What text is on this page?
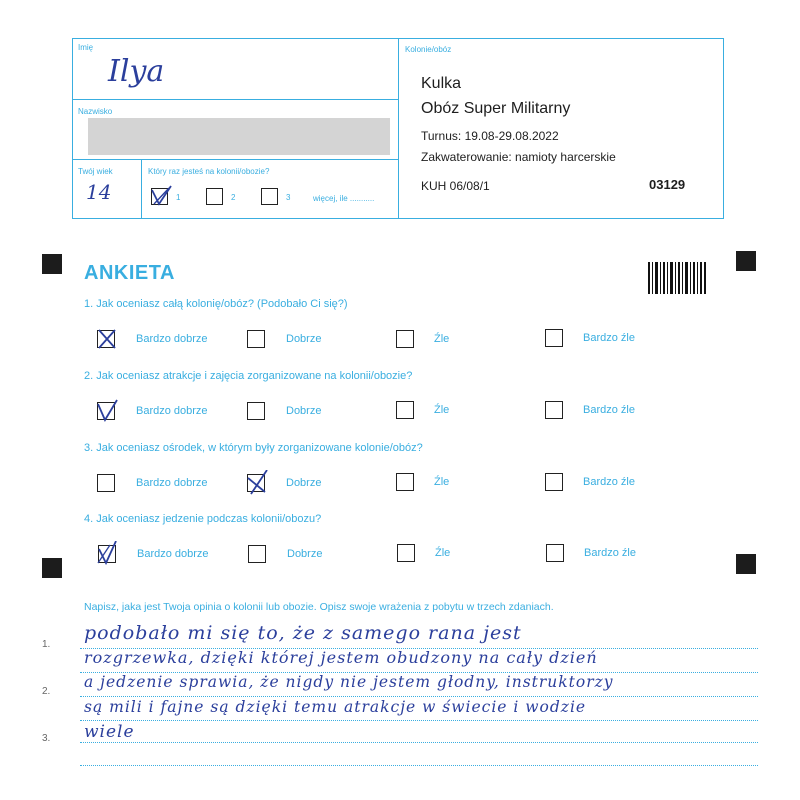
Imię
Ilya
Nazwisko
Twój wiek
14
Który raz jesteś na kolonii/obozie?
1	2	3	więcej, ile ...........
Kolonie/obóz
Kulka
Obóz Super Militarny
Turnus: 19.08-29.08.2022
Zakwaterowanie: namioty harcerskie
KUH 06/08/1	03129
ANKIETA
1. Jak oceniasz całą kolonię/obóz? (Podobało Ci się?)
Bardzo dobrze	Dobrze	Źle	Bardzo źle
2. Jak oceniasz atrakcje i zajęcia zorganizowane na kolonii/obozie?
Bardzo dobrze	Dobrze	Źle	Bardzo źle
3. Jak oceniasz ośrodek, w którym były zorganizowane kolonie/obóz?
Bardzo dobrze	Dobrze	Źle	Bardzo źle
4. Jak oceniasz jedzenie podczas kolonii/obozu?
Bardzo dobrze	Dobrze	Źle	Bardzo źle
Napisz, jaka jest Twoja opinia o kolonii lub obozie. Opisz swoje wrażenia z pobytu w trzech zdaniach.
1.
2.
3.
podobało mi się to, że z samego rana jest
rozgrzewka, dzięki której jestem obudzony na cały dzień
a jedzenie sprawia, że nigdy nie jestem głodny, instruktorzy
są mili i fajne są dzięki temu atrakcje w świecie i wodzie
wiele
